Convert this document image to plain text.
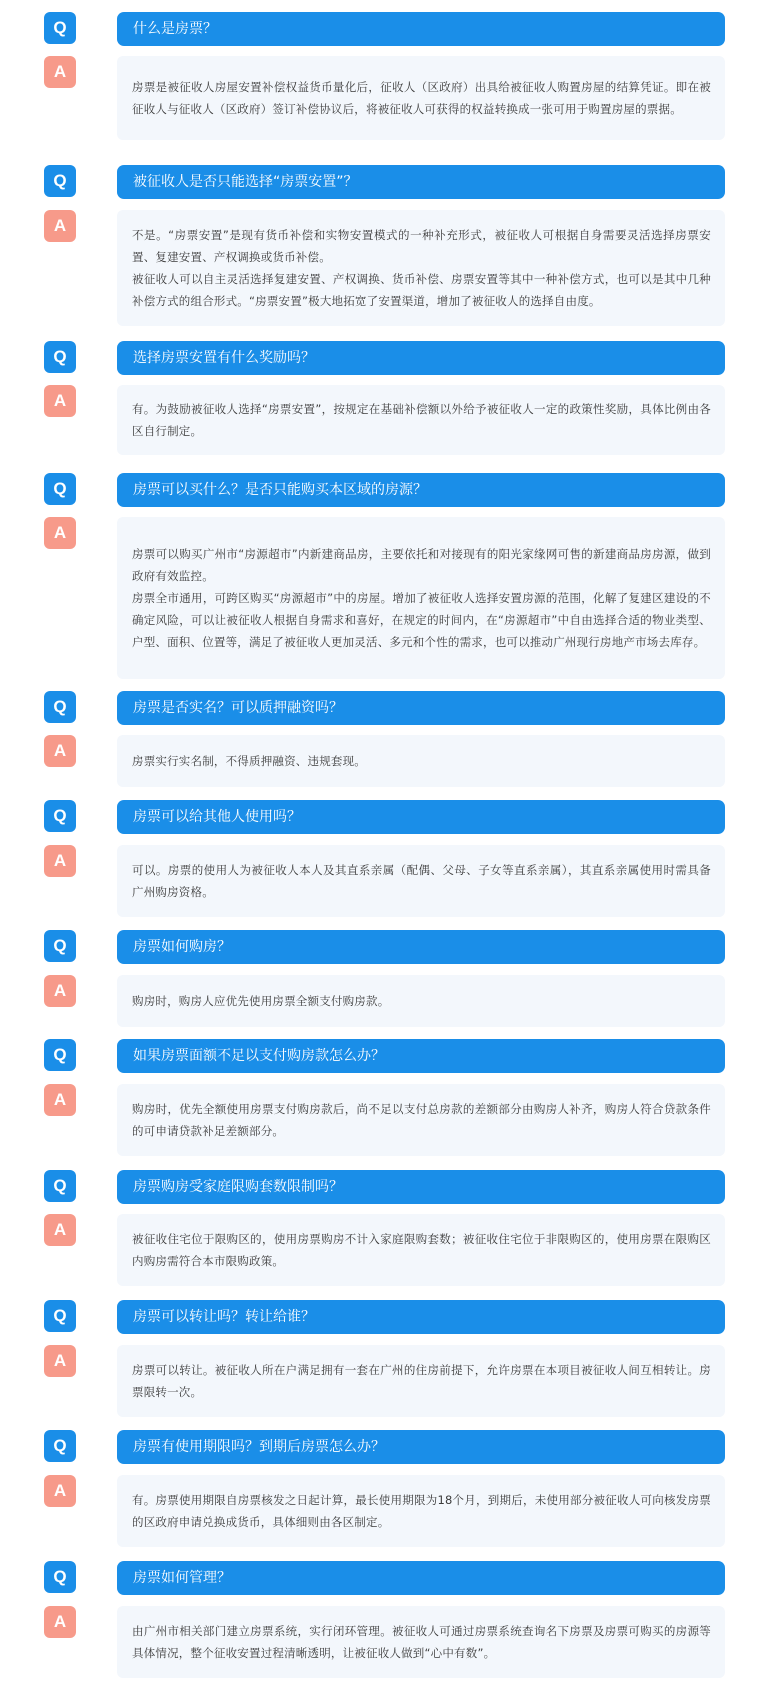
Q	什么是房票？
A

房票是被征收人房屋安置补偿权益货币量化后，征收人（区政府）出具给被征收人购置房屋的结算凭证。即在被征收人与征收人（区政府）签订补偿协议后，将被征收人可获得的权益转换成一张可用于购置房屋的票据。

Q	被征收人是否只能选择“房票安置”？
A	不是。“房票安置”是现有货币补偿和实物安置模式的一种补充形式，被征收人可根据自身需要灵活选择房票安置、复建安置、产权调换或货币补偿。

被征收人可以自主灵活选择复建安置、产权调换、货币补偿、房票安置等其中一种补偿方式，也可以是其中几种补偿方式的组合形式。“房票安置”极大地拓宽了安置渠道，增加了被征收人的选择自由度。

Q	选择房票安置有什么奖励吗？
A	有。为鼓励被征收人选择“房票安置”，按规定在基础补偿额以外给予被征收人一定的政策性奖励，具体比例由各区自行制定。

Q	房票可以买什么？是否只能购买本区域的房源？
A

房票可以购买广州市“房源超市”内新建商品房，主要依托和对接现有的阳光家缘网可售的新建商品房房源，做到政府有效监控。

房票全市通用，可跨区购买“房源超市”中的房屋。增加了被征收人选择安置房源的范围，化解了复建区建设的不确定风险，可以让被征收人根据自身需求和喜好，在规定的时间内，在“房源超市”中自由选择合适的物业类型、户型、面积、位置等，满足了被征收人更加灵活、多元和个性的需求，也可以推动广州现行房地产市场去库存。

Q	房票是否实名？可以质押融资吗？
A

房票实行实名制，不得质押融资、违规套现。

Q	房票可以给其他人使用吗？
A	可以。房票的使用人为被征收人本人及其直系亲属（配偶、父母、子女等直系亲属），其直系亲属使用时需具备广州购房资格。

Q	房票如何购房？
A

购房时，购房人应优先使用房票全额支付购房款。

Q	如果房票面额不足以支付购房款怎么办？
A	购房时，优先全额使用房票支付购房款后，尚不足以支付总房款的差额部分由购房人补齐，购房人符合贷款条件的可申请贷款补足差额部分。

Q	房票购房受家庭限购套数限制吗？
A	被征收住宅位于限购区的，使用房票购房不计入家庭限购套数；被征收住宅位于非限购区的，使用房票在限购区内购房需符合本市限购政策。

Q	房票可以转让吗？转让给谁？
A	房票可以转让。被征收人所在户满足拥有一套在广州的住房前提下，允许房票在本项目被征收人间互相转让。房票限转一次。

Q	房票有使用期限吗？到期后房票怎么办？
A	有。房票使用期限自房票核发之日起计算，最长使用期限为18个月，到期后，未使用部分被征收人可向核发房票的区政府申请兑换成货币，具体细则由各区制定。

Q	房票如何管理？
A	由广州市相关部门建立房票系统，实行闭环管理。被征收人可通过房票系统查询名下房票及房票可购买的房源等具体情况，整个征收安置过程清晰透明，让被征收人做到“心中有数”。
